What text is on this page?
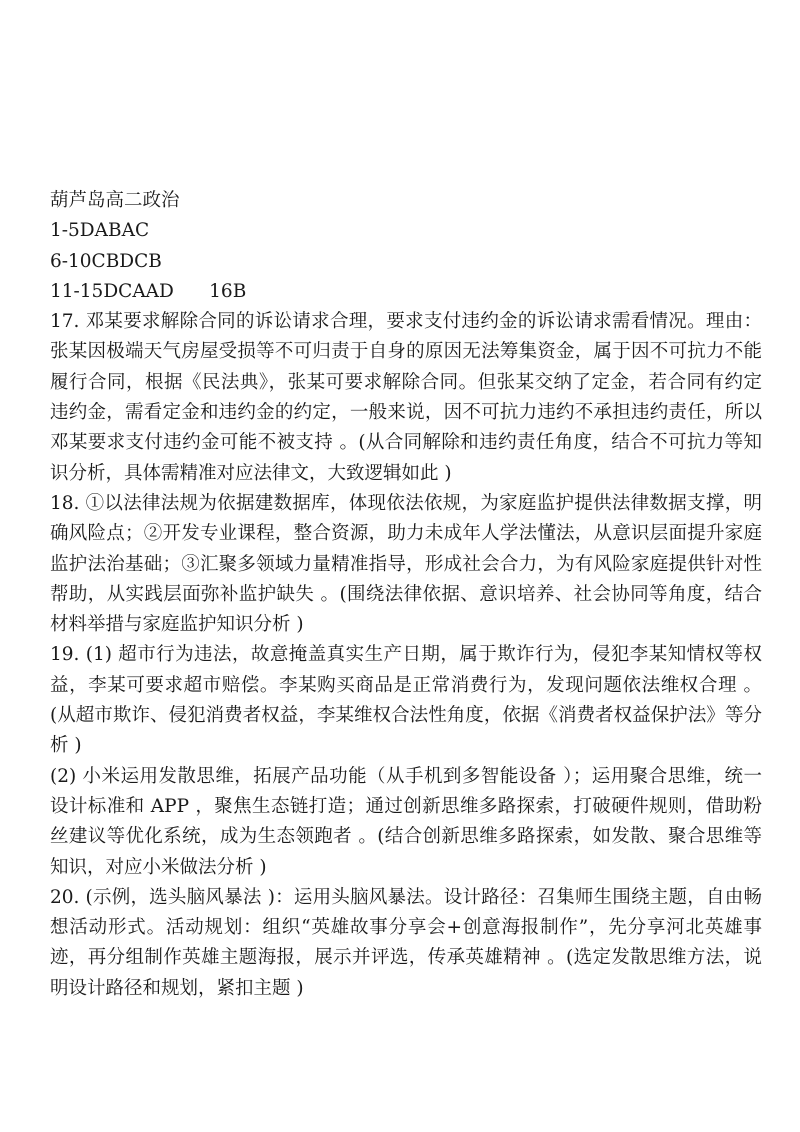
葫芦岛高二政治

1-5DABAC

6-10CBDCB

11-15DCAAD      16B

17. 邓某要求解除合同的诉讼请求合理，要求支付违约金的诉讼请求需看情况。理由：张某因极端天气房屋受损等不可归责于自身的原因无法筹集资金，属于因不可抗力不能履行合同，根据《民法典》，张某可要求解除合同。但张某交纳了定金，若合同有约定违约金，需看定金和违约金的约定，一般来说，因不可抗力违约不承担违约责任，所以邓某要求支付违约金可能不被支持 。(从合同解除和违约责任角度，结合不可抗力等知识分析，具体需精准对应法律文，大致逻辑如此 )

18. ①以法律法规为依据建数据库，体现依法依规，为家庭监护提供法律数据支撑，明确风险点；②开发专业课程，整合资源，助力未成年人学法懂法，从意识层面提升家庭监护法治基础；③汇聚多领域力量精准指导，形成社会合力，为有风险家庭提供针对性帮助，从实践层面弥补监护缺失 。(围绕法律依据、意识培养、社会协同等角度，结合材料举措与家庭监护知识分析 )

19. (1) 超市行为违法，故意掩盖真实生产日期，属于欺诈行为，侵犯李某知情权等权益，李某可要求超市赔偿。李某购买商品是正常消费行为，发现问题依法维权合理 。(从超市欺诈、侵犯消费者权益，李某维权合法性角度，依据《消费者权益保护法》等分析 )

(2) 小米运用发散思维，拓展产品功能（从手机到多智能设备 ）；运用聚合思维，统一设计标准和 APP ，聚焦生态链打造；通过创新思维多路探索，打破硬件规则，借助粉丝建议等优化系统，成为生态领跑者 。(结合创新思维多路探索，如发散、聚合思维等知识，对应小米做法分析 )

20. (示例，选头脑风暴法 )：运用头脑风暴法。设计路径：召集师生围绕主题，自由畅想活动形式。活动规划：组织“英雄故事分享会+创意海报制作”，先分享河北英雄事迹，再分组制作英雄主题海报，展示并评选，传承英雄精神 。(选定发散思维方法，说明设计路径和规划，紧扣主题 )
